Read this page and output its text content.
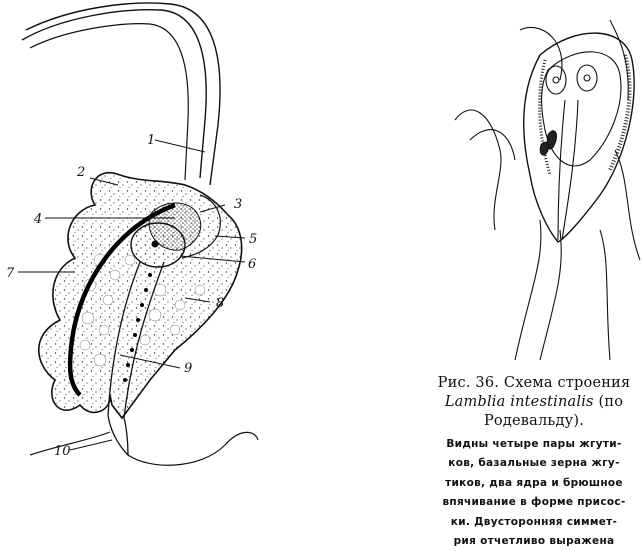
1
2
4
3
5
6
7
8
9
10
Рис. 36. Схема строения
Lamblia intestinalis (по
Родевальду).
Видны четыре пары жгути-
ков, базальные зерна жгу-
тиков, два ядра и брюшное
впячивание в форме присос-
ки. Двусторонняя симмет-
рия отчетливо выражена
